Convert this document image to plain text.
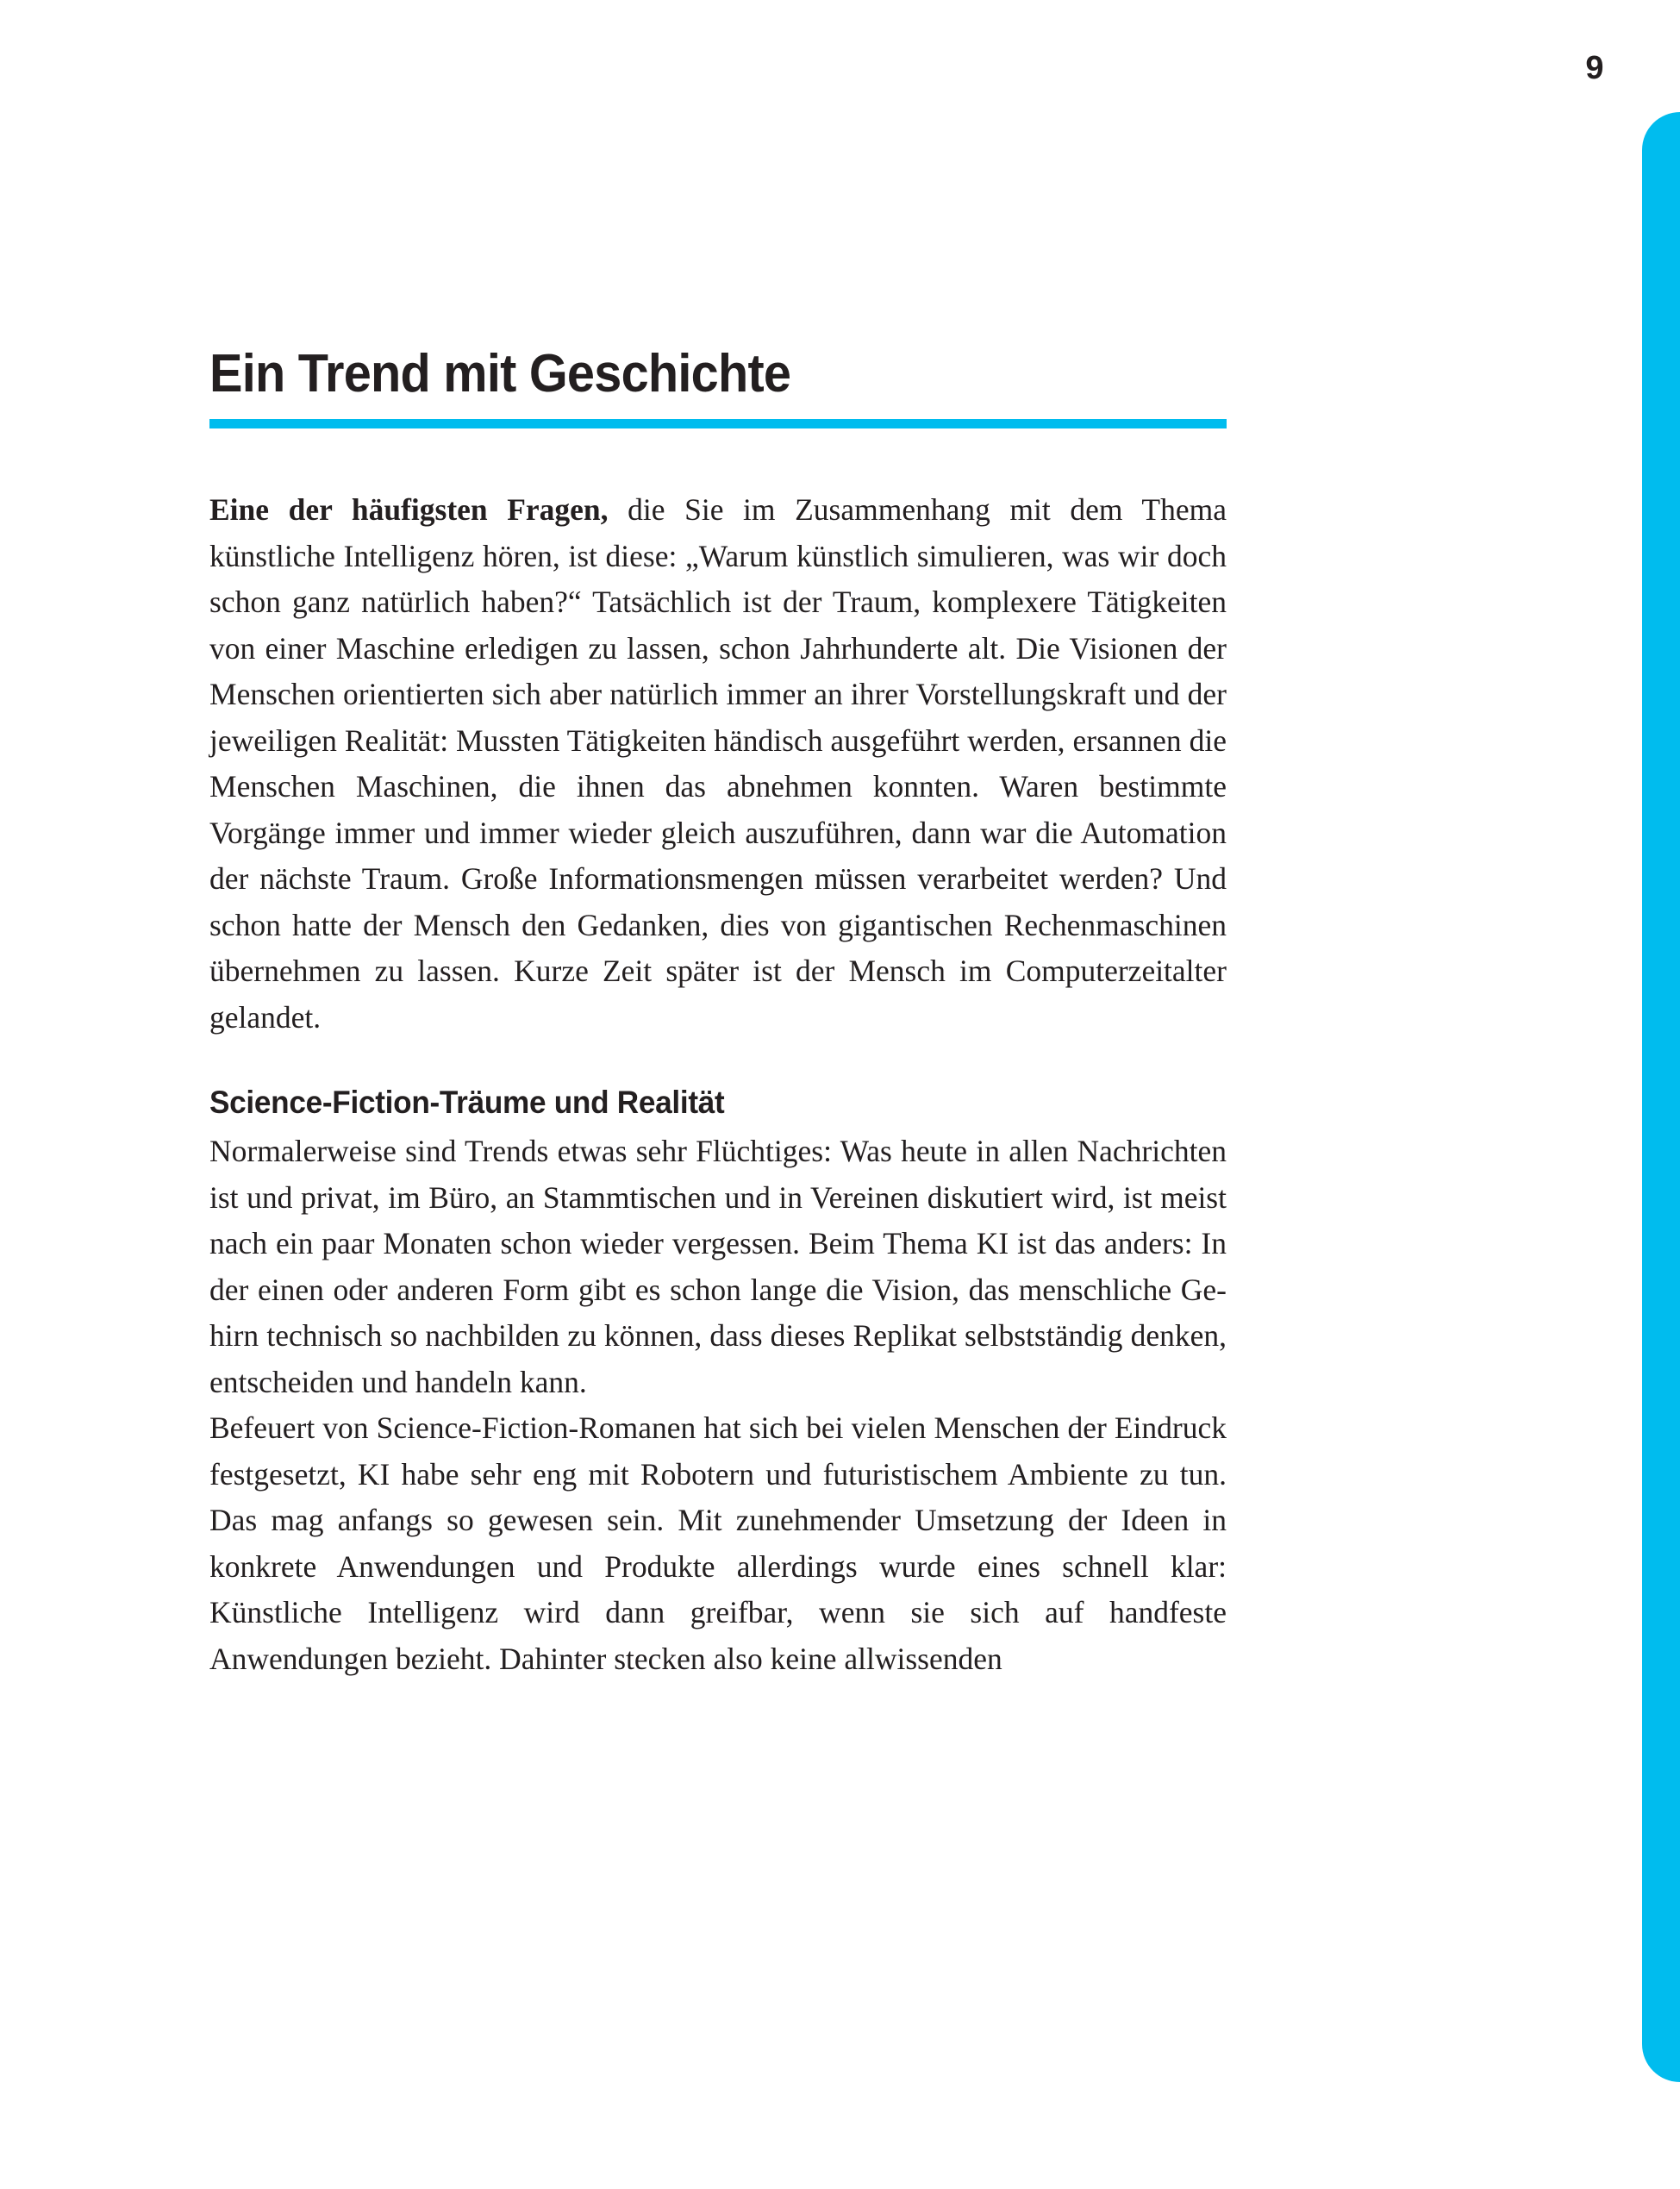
9
Ein Trend mit Geschichte

Eine der häufigsten Fragen, die Sie im Zusammenhang mit dem Thema künstliche Intelligenz hören, ist diese: „Warum künstlich simulieren, was wir doch schon ganz natürlich haben?“ Tatsächlich ist der Traum, komplexere Tätigkeiten von einer Maschine erledigen zu lassen, schon Jahrhunderte alt. Die Visionen der Menschen orientierten sich aber natürlich immer an ihrer Vorstellungskraft und der jeweiligen Realität: Mussten Tätigkeiten händisch ausgeführt werden, ersannen die Menschen Maschinen, die ihnen das abnehmen konnten. Waren bestimmte Vorgänge immer und immer wieder gleich auszuführen, dann war die Automation der nächste Traum. Große Informationsmengen müssen verarbeitet werden? Und schon hatte der Mensch den Gedanken, dies von gigantischen Rechenmaschinen übernehmen zu lassen. Kurze Zeit später ist der Mensch im Computerzeitalter gelandet.

Science-Fiction-Träume und Realität

Normalerweise sind Trends etwas sehr Flüchtiges: Was heute in allen Nachrichten ist und privat, im Büro, an Stammtischen und in Vereinen diskutiert wird, ist meist nach ein paar Monaten schon wieder vergessen. Beim Thema KI ist das anders: In der einen oder anderen Form gibt es schon lange die Vision, das menschliche Gehirn technisch so nachbilden zu können, dass dieses Replikat selbstständig denken, entscheiden und handeln kann.

Befeuert von Science-Fiction-Romanen hat sich bei vielen Menschen der Eindruck festgesetzt, KI habe sehr eng mit Robotern und futuristischem Ambiente zu tun. Das mag anfangs so gewesen sein. Mit zunehmender Umsetzung der Ideen in konkrete Anwendungen und Produkte allerdings wurde eines schnell klar: Künstliche Intelligenz wird dann greifbar, wenn sie sich auf handfeste Anwendungen bezieht. Dahinter stecken also keine allwissenden
